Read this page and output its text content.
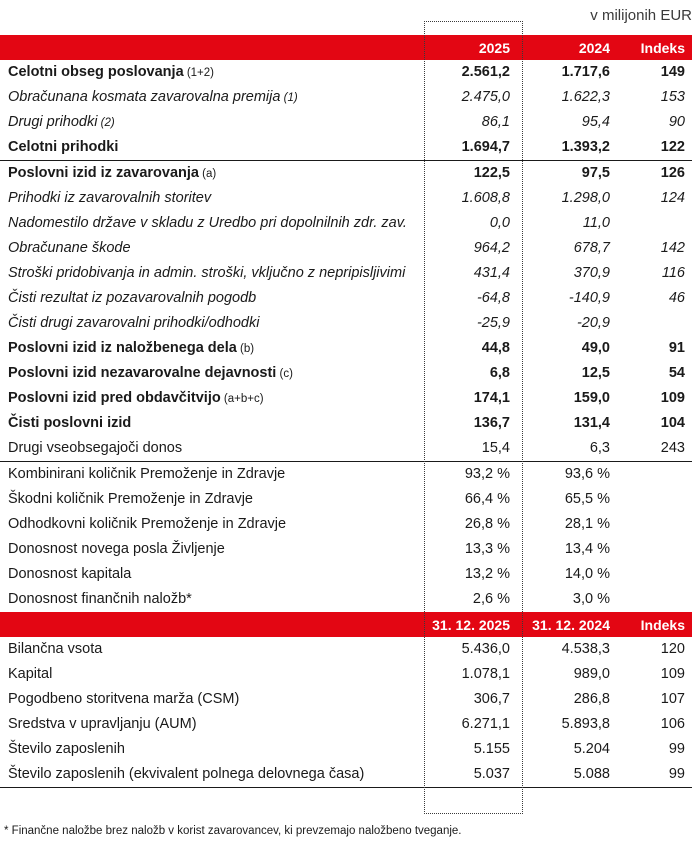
v milijonih EUR
2025	2024	Indeks
Celotni obseg poslovanja (1+2)	2.561,2	1.717,6	149
Obračunana kosmata zavarovalna premija (1)	2.475,0	1.622,3	153
Drugi prihodki (2)	86,1	95,4	90
Celotni prihodki	1.694,7	1.393,2	122
Poslovni izid iz zavarovanja (a)	122,5	97,5	126
Prihodki iz zavarovalnih storitev	1.608,8	1.298,0	124
Nadomestilo države v skladu z Uredbo pri dopolnilnih zdr. zav.	0,0	11,0
Obračunane škode	964,2	678,7	142
Stroški pridobivanja in admin. stroški, vključno z nepripisljivimi	431,4	370,9	116
Čisti rezultat iz pozavarovalnih pogodb	-64,8	-140,9	46
Čisti drugi zavarovalni prihodki/odhodki	-25,9	-20,9
Poslovni izid iz naložbenega dela (b)	44,8	49,0	91
Poslovni izid nezavarovalne dejavnosti (c)	6,8	12,5	54
Poslovni izid pred obdavčitvijo (a+b+c)	174,1	159,0	109
Čisti poslovni izid	136,7	131,4	104
Drugi vseobsegajoči donos	15,4	6,3	243
Kombinirani količnik Premoženje in Zdravje	93,2 %	93,6 %
Škodni količnik Premoženje in Zdravje	66,4 %	65,5 %
Odhodkovni količnik Premoženje in Zdravje	26,8 %	28,1 %
Donosnost novega posla Življenje	13,3 %	13,4 %
Donosnost kapitala	13,2 %	14,0 %
Donosnost finančnih naložb*	2,6 %	3,0 %
31. 12. 2025	31. 12. 2024	Indeks
Bilančna vsota	5.436,0	4.538,3	120
Kapital	1.078,1	989,0	109
Pogodbeno storitvena marža (CSM)	306,7	286,8	107
Sredstva v upravljanju (AUM)	6.271,1	5.893,8	106
Število zaposlenih	5.155	5.204	99
Število zaposlenih (ekvivalent polnega delovnega časa)	5.037	5.088	99
* Finančne naložbe brez naložb v korist zavarovancev, ki prevzemajo naložbeno tveganje.
